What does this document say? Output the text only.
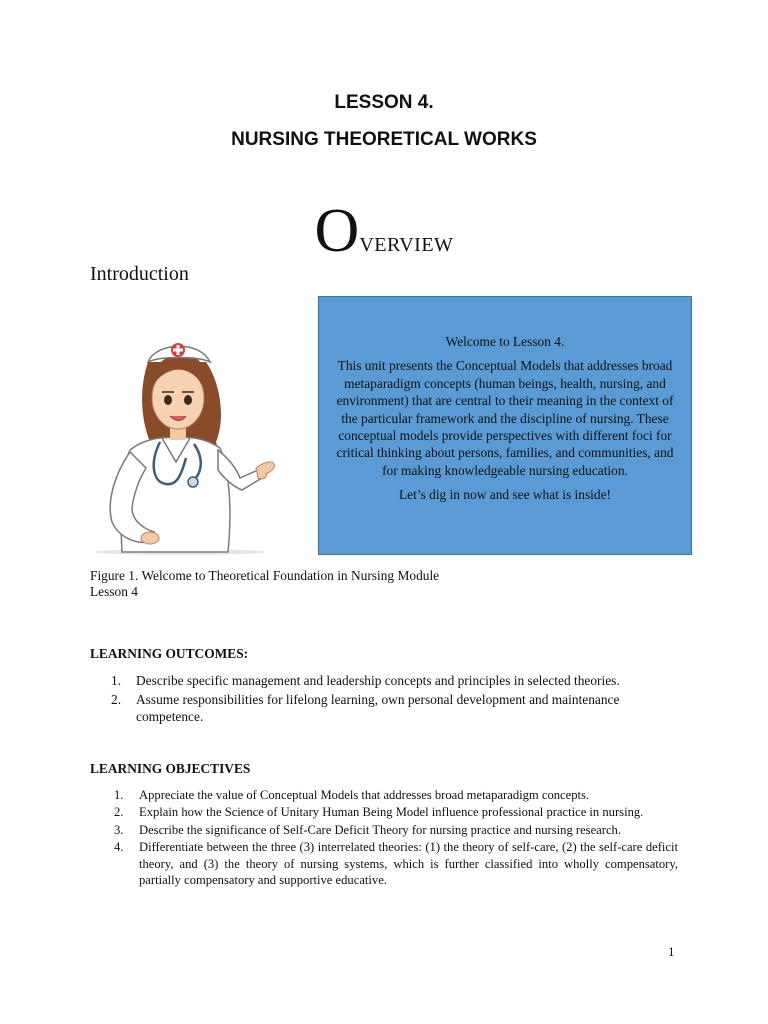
LESSON 4.
NURSING THEORETICAL WORKS
OVERVIEW
Introduction

Welcome to Lesson 4.

This unit presents the Conceptual Models that addresses broad metaparadigm concepts (human beings, health, nursing, and environment) that are central to their meaning in the context of the particular framework and the discipline of nursing. These conceptual models provide perspectives with different foci for critical thinking about persons, families, and communities, and for making knowledgeable nursing education.

Let’s dig in now and see what is inside!

Figure 1. Welcome to Theoretical Foundation in Nursing Module Lesson 4
LEARNING OUTCOMES:
1. Describe specific management and leadership concepts and principles in selected theories.
2. Assume responsibilities for lifelong learning, own personal development and maintenance competence.
LEARNING OBJECTIVES
1. Appreciate the value of Conceptual Models that addresses broad metaparadigm concepts.
2. Explain how the Science of Unitary Human Being Model influence professional practice in nursing.
3. Describe the significance of Self-Care Deficit Theory for nursing practice and nursing research.
4. Differentiate between the three (3) interrelated theories: (1) the theory of self-care, (2) the self-care deficit theory, and (3) the theory of nursing systems, which is further classified into wholly compensatory, partially compensatory and supportive educative.
1
